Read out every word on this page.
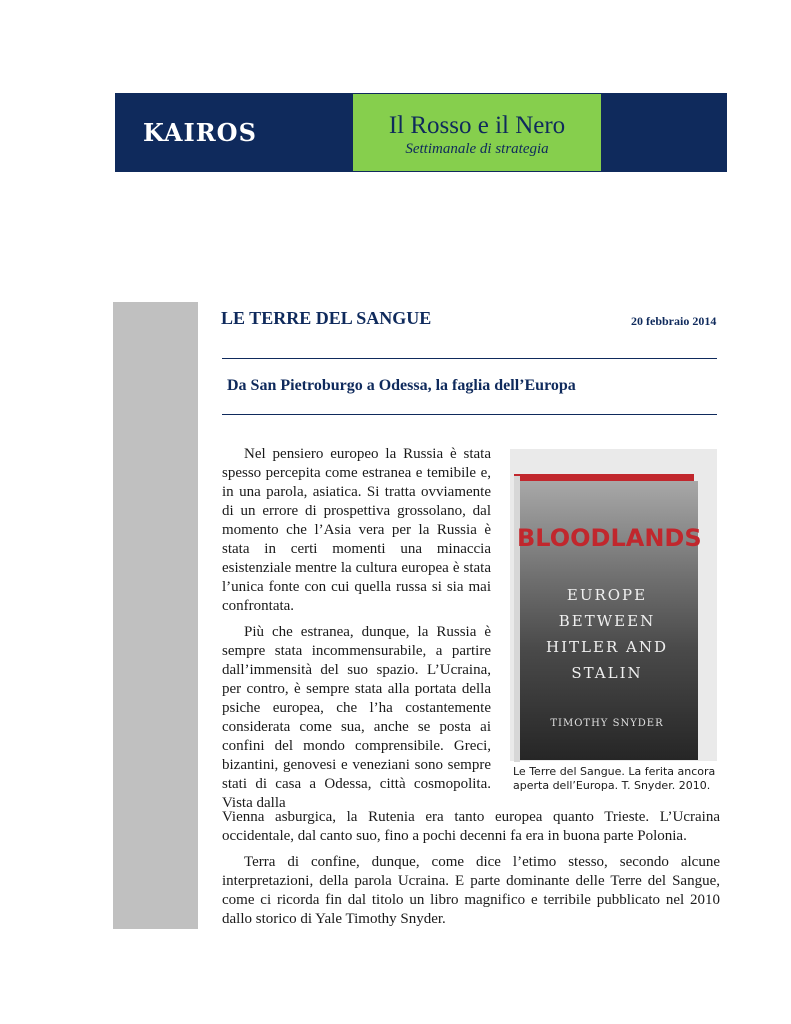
KAIROS	Il Rosso e il Nero
Settimanale di strategia
LE TERRE DEL SANGUE	20 febbraio 2014
Da San Pietroburgo a Odessa, la faglia dell’Europa

Nel pensiero europeo la Russia è stata spesso percepita come estranea e temibile e, in una parola, asiatica. Si tratta ovviamente di un errore di prospettiva grossolano, dal momento che l’Asia vera per la Russia è stata in certi momenti una minaccia esistenziale mentre la cultura europea è stata l’unica fonte con cui quella russa si sia mai confrontata.

Più che estranea, dunque, la Russia è sempre stata incommensurabile, a partire dall’immensità del suo spazio. L’Ucraina, per contro, è sempre stata alla portata della psiche europea, che l’ha costantemente considerata come sua, anche se posta ai confini del mondo comprensibile. Greci, bizantini, genovesi e veneziani sono sempre stati di casa a Odessa, città cosmopolita. Vista dalla

BLOODLANDS
EUROPE
BETWEEN
HITLER AND
STALIN
TIMOTHY SNYDER
Le Terre del Sangue. La ferita ancora aperta dell’Europa. T. Snyder. 2010.

Vienna asburgica, la Rutenia era tanto europea quanto Trieste. L’Ucraina occidentale, dal canto suo, fino a pochi decenni fa era in buona parte Polonia.

Terra di confine, dunque, come dice l’etimo stesso, secondo alcune interpretazioni, della parola Ucraina. E parte dominante delle Terre del Sangue, come ci ricorda fin dal titolo un libro magnifico e terribile pubblicato nel 2010 dallo storico di Yale Timothy Snyder.
